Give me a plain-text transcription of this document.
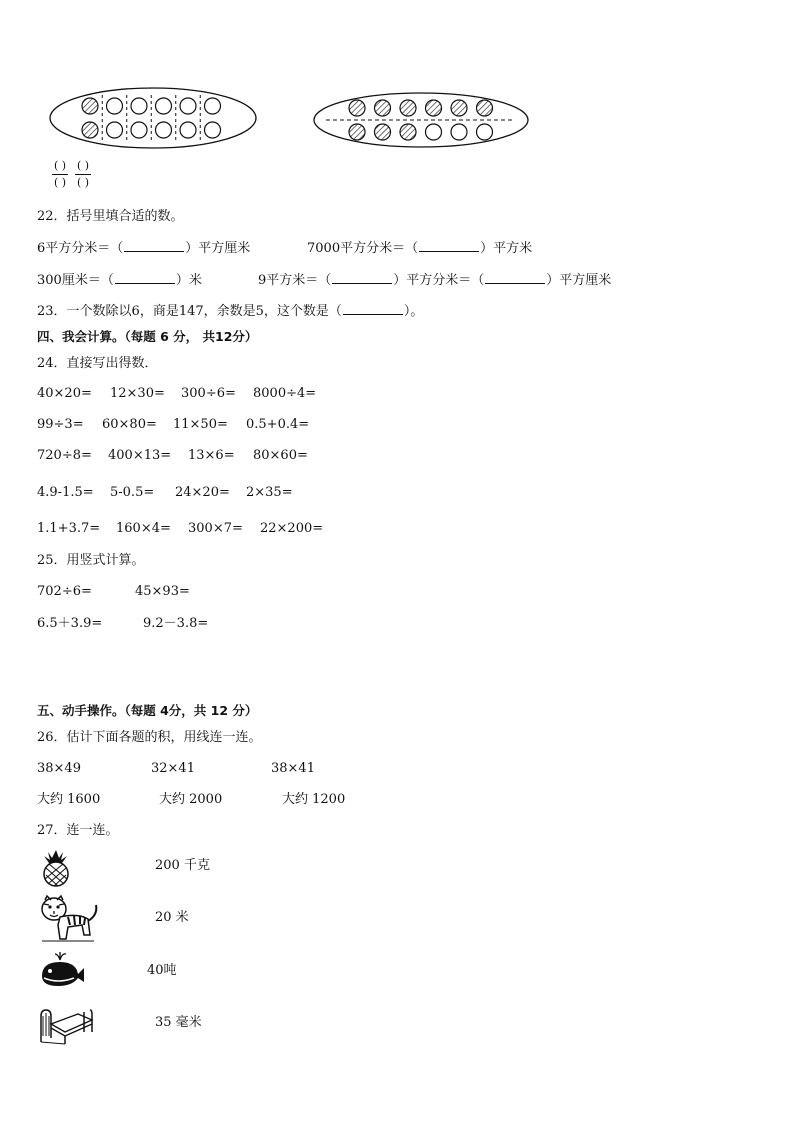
( )
( )
( )
( )
22．括号里填合适的数。
6平方分米＝（	）平方厘米	7000平方分米＝（	）平方米
300厘米＝（	）米	9平方米＝（	）平方分米＝（	）平方厘米
23．一个数除以6，商是147，余数是5，这个数是（	）。
四、我会计算。（每题 6 分， 共12分）
24．直接写出得数．
40×20= 12×30= 300÷6= 8000÷4=
99÷3= 60×80= 11×50= 0.5+0.4=
720÷8= 400×13= 13×6= 80×60=
4.9-1.5= 5-0.5= 24×20= 2×35=
1.1+3.7= 160×4= 300×7= 22×200=
25．用竖式计算。
702÷6=	45×93=
6.5＋3.9=	9.2－3.8=
五、动手操作。（每题 4分，共 12 分）
26．估计下面各题的积，用线连一连。
38×49	32×41	38×41
大约 1600	大约 2000	大约 1200
27．连一连。
200 千克
20 米
40吨
35 毫米
